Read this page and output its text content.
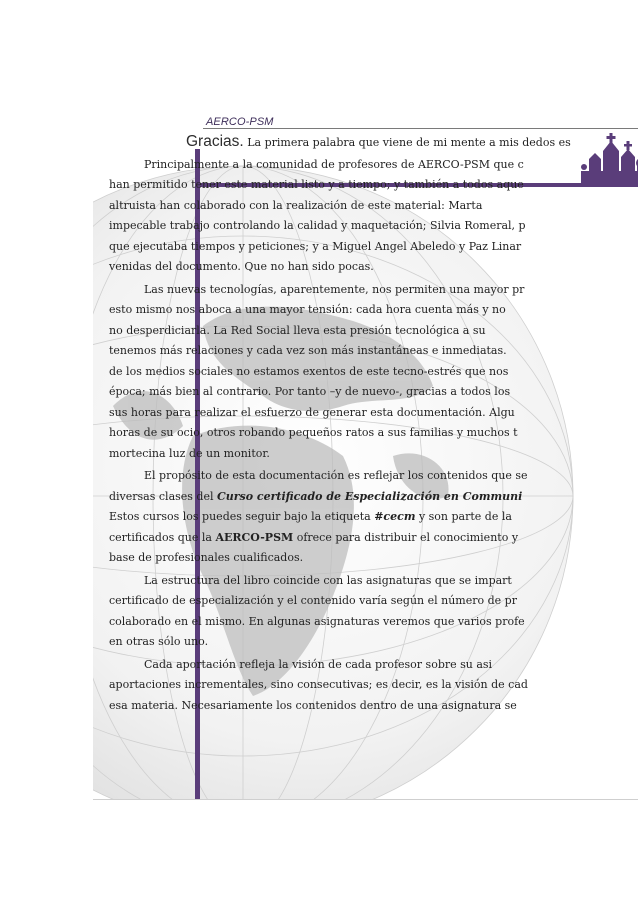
AERCO-PSM
Gracias. La primera palabra que viene de mi mente a mis dedos es
Principalmente a la comunidad de profesores de AERCO-PSM que c
han permitido tener este material listo y a tiempo; y también a todos aque
altruista han colaborado con la realización de este material: Marta
impecable trabajo controlando la calidad y maquetación; Silvia Romeral, p
que ejecutaba tiempos y peticiones; y a Miguel Angel Abeledo y Paz Linar
venidas del documento. Que no han sido pocas.
Las nuevas tecnologías, aparentemente, nos permiten una mayor pr
esto mismo nos aboca a una mayor tensión: cada hora cuenta más y no
no desperdiciarla. La Red Social lleva esta presión tecnológica a su
tenemos más relaciones y cada vez son más instantáneas e inmediatas.
de los medios sociales no estamos exentos de este tecno-estrés que nos
época; más bien al contrario. Por tanto –y de nuevo-, gracias a todos los
sus horas para realizar el esfuerzo de generar esta documentación. Algu
horas de su ocio, otros robando pequeños ratos a sus familias y muchos t
mortecina luz de un monitor.
El propósito de esta documentación es reflejar los contenidos que se
diversas clases del Curso certificado de Especialización en Communi
Estos cursos los puedes seguir bajo la etiqueta #cecm y son parte de la
certificados que la AERCO-PSM ofrece para distribuir el conocimiento y
base de profesionales cualificados.
La estructura del libro coincide con las asignaturas que se impart
certificado de especialización y el contenido varía según el número de pr
colaborado en el mismo. En algunas asignaturas veremos que varios profe
en otras sólo uno.
Cada aportación refleja la visión de cada profesor sobre su asi
aportaciones incrementales, sino consecutivas; es decir, es la visión de cad
esa materia. Necesariamente los contenidos dentro de una asignatura se
